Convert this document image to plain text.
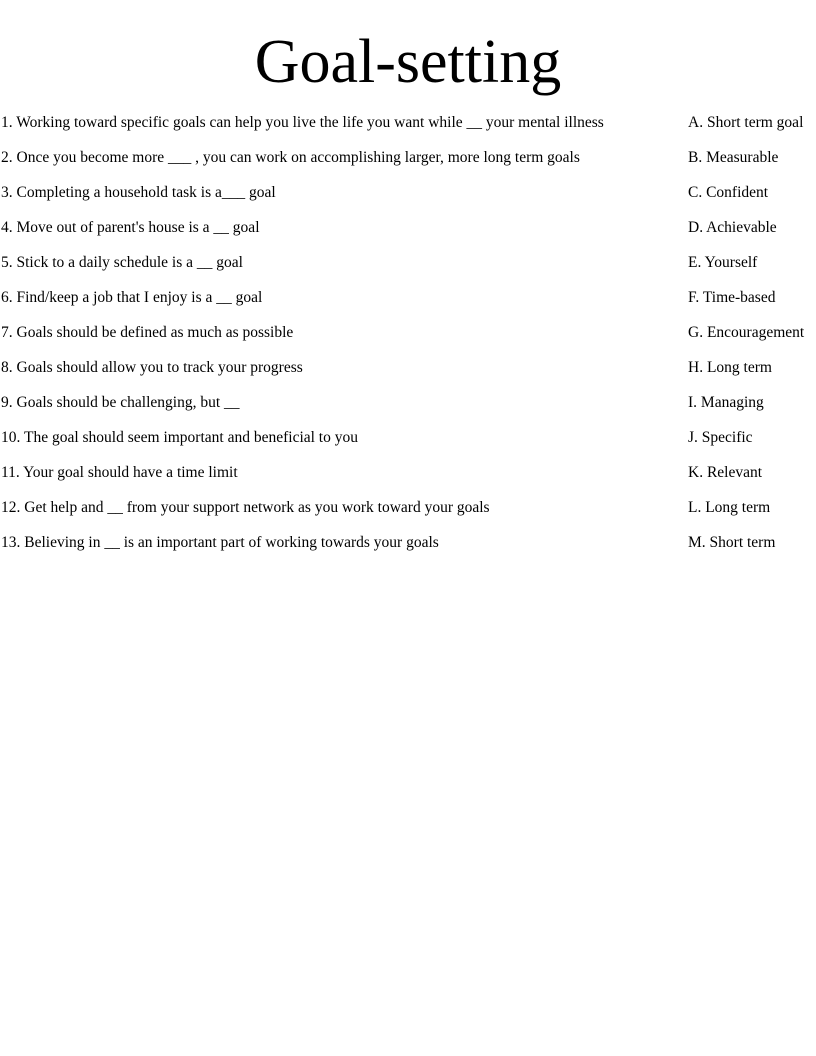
Goal-setting
1. Working toward specific goals can help you live the life you want while __ your mental illness	A. Short term goal
2. Once you become more ___ , you can work on accomplishing larger, more long term goals	B. Measurable
3. Completing a household task is a___ goal	C. Confident
4. Move out of parent's house is a __ goal	D. Achievable
5. Stick to a daily schedule is a __ goal	E. Yourself
6. Find/keep a job that I enjoy is a __ goal	F. Time-based
7. Goals should be defined as much as possible	G. Encouragement
8. Goals should allow you to track your progress	H. Long term
9. Goals should be challenging, but __	I. Managing
10. The goal should seem important and beneficial to you	J. Specific
11. Your goal should have a time limit	K. Relevant
12. Get help and __ from your support network as you work toward your goals	L. Long term
13. Believing in __ is an important part of working towards your goals	M. Short term
